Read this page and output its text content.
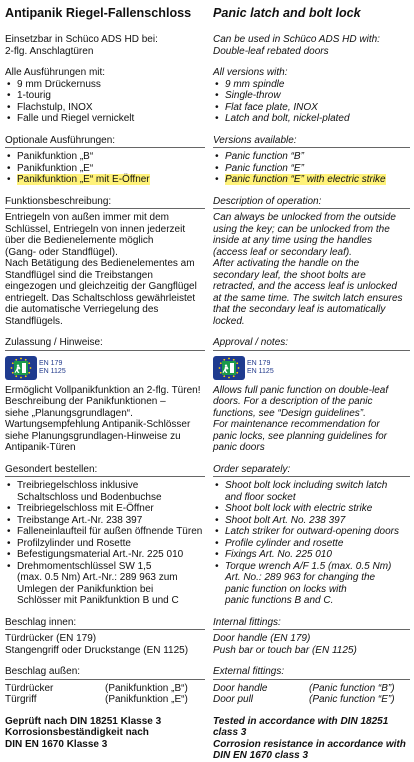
Antipanik Riegel-Fallenschloss
Einsetzbar in Schüco ADS HD bei:
2-flg. Anschlagtüren
Alle Ausführungen mit:
• 9 mm Drückernuss
• 1-tourig
• Flachstulp, INOX
• Falle und Riegel vernickelt
Optionale Ausführungen:
• Panikfunktion „B“
• Panikfunktion „E“
• Panikfunktion „E“ mit E-Öffner
Funktionsbeschreibung:
Entriegeln von außen immer mit dem
Schlüssel, Entriegeln von innen jederzeit
über die Bedienelemente möglich
(Gang- oder Standflügel).
Nach Betätigung des Bedienelementes am
Standflügel sind die Treibstangen
eingezogen und gleichzeitig der Gangflügel
entriegelt. Das Schaltschloss gewährleistet
die automatische Verriegelung des
Standflügels.
Zulassung / Hinweise:
EN 179
EN 1125
Ermöglicht Vollpanikfunktion an 2-flg. Türen!
Beschreibung der Panikfunktionen –
siehe „Planungsgrundlagen“.
Wartungsempfehlung Antipanik-Schlösser
siehe Planungsgrundlagen-Hinweise zu
Antipanik-Türen
Gesondert bestellen:
• Treibriegelschloss inklusive
Schaltschloss und Bodenbuchse
• Treibriegelschloss mit E-Öffner
• Treibstange Art.-Nr. 238 397
• Falleneinlaufteil für außen öffnende Türen
• Profilzylinder und Rosette
• Befestigungsmaterial Art.-Nr. 225 010
• Drehmomentschlüssel SW 1,5
(max. 0.5 Nm) Art.-Nr.: 289 963 zum
Umlegen der Panikfunktion bei
Schlösser mit Panikfunktion B und C
Beschlag innen:
Türdrücker (EN 179)
Stangengriff oder Druckstange (EN 1125)
Beschlag außen:
Türdrücker	(Panikfunktion „B“)
Türgriff	(Panikfunktion „E“)
Geprüft nach DIN 18251 Klasse 3
Korrosionsbeständigkeit nach
DIN EN 1670 Klasse 3
Panic latch and bolt lock
Can be used in Schüco ADS HD with:
Double-leaf rebated doors
All versions with:
• 9 mm spindle
• Single-throw
• Flat face plate, INOX
• Latch and bolt, nickel-plated
Versions available:
• Panic function “B”
• Panic function “E”
• Panic function “E” with electric strike
Description of operation:
Can always be unlocked from the outside
using the key; can be unlocked from the
inside at any time using the handles
(access leaf or secondary leaf).
After activating the handle on the
secondary leaf, the shoot bolts are
retracted, and the access leaf is unlocked
at the same time. The switch latch ensures
that the secondary leaf is automatically
locked.
Approval / notes:
EN 179
EN 1125
Allows full panic function on double-leaf
doors. For a description of the panic
functions, see “Design guidelines”.
For maintenance recommendation for
panic locks, see planning guidelines for
panic doors
Order separately:
• Shoot bolt lock including switch latch
and floor socket
• Shoot bolt lock with electric strike
• Shoot bolt Art. No. 238 397
• Latch striker for outward-opening doors
• Profile cylinder and rosette
• Fixings Art. No. 225 010
• Torque wrench A/F 1.5 (max. 0.5 Nm)
Art. No.: 289 963 for changing the
panic function on locks with
panic functions B and C.
Internal fittings:
Door handle (EN 179)
Push bar or touch bar (EN 1125)
External fittings:
Door handle	(Panic function “B”)
Door pull	(Panic function “E”)
Tested in accordance with DIN 18251 class 3
Corrosion resistance in accordance with
DIN EN 1670 class 3
